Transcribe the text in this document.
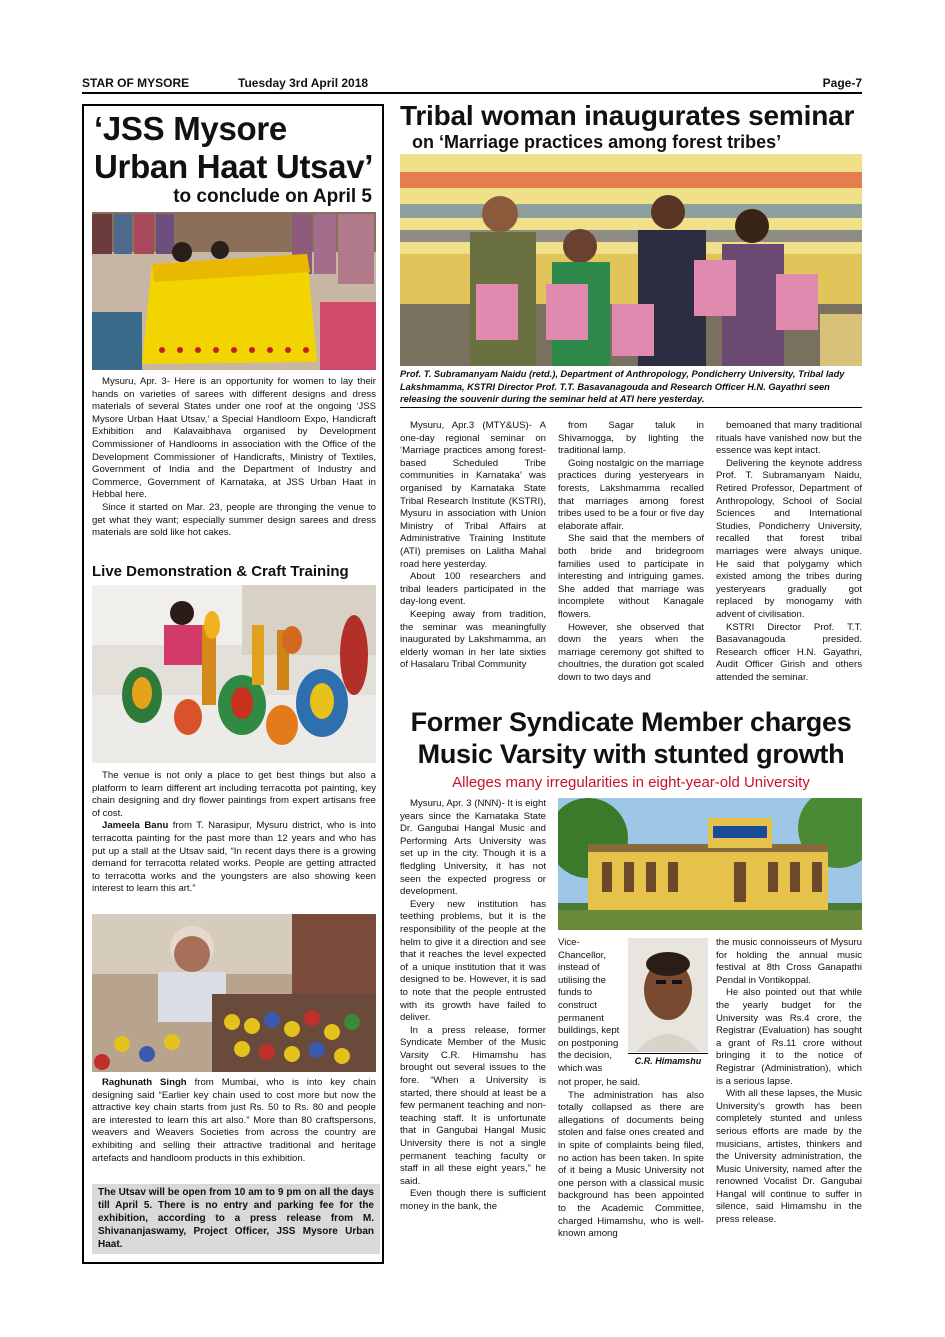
STAR OF MYSORE	Tuesday 3rd April 2018	Page-7
‘JSS Mysore
Urban Haat Utsav’
to conclude on April 5

Mysuru, Apr. 3- Here is an opportunity for women to lay their hands on varieties of sarees with different designs and dress materials of several States under one roof at the ongoing ‘JSS Mysore Urban Haat Utsav,’ a Special Handloom Expo, Handicraft Exhibition and Kalavaibhava organised by Development Commissioner of Handlooms in association with the Office of the Development Commissioner of Handicrafts, Ministry of Textiles, Government of India and the Department of Industry and Commerce, Government of Karnataka, at JSS Urban Haat in Hebbal here.

Since it started on Mar. 23, people are thronging the venue to get what they want; especially summer design sarees and dress materials are sold like hot cakes.

Live Demonstration & Craft Training

The venue is not only a place to get best things but also a platform to learn different art including terracotta pot painting, key chain designing and dry flower paintings from expert artisans free of cost.

Jameela Banu from T. Narasipur, Mysuru district, who is into terracotta painting for the past more than 12 years and who has put up a stall at the Utsav said, “In recent days there is a growing demand for terracotta related works. People are getting attracted to terracotta works and the youngsters are also showing keen interest to learn this art.”

Raghunath Singh from Mumbai, who is into key chain designing said “Earlier key chain used to cost more but now the attractive key chain starts from just Rs. 50 to Rs. 80 and people are interested to learn this art also.” More than 80 craftspersons, weavers and Weavers Societies from across the country are exhibiting and selling their attractive traditional and heritage artefacts and handloom products in this exhibition.

The Utsav will be open from 10 am to 9 pm on all the days till April 5. There is no entry and parking fee for the exhibition, according to a press release from M. Shivananjaswamy, Project Officer, JSS Mysore Urban Haat.
Tribal woman inaugurates seminar
on ‘Marriage practices among forest tribes’
Prof. T. Subramanyam Naidu (retd.), Department of Anthropology, Pondicherry University, Tribal lady Lakshmamma, KSTRI Director Prof. T.T. Basavanagouda and Research Officer H.N. Gayathri seen releasing the souvenir during the seminar held at ATI here yesterday.

Mysuru, Apr.3 (MTY&US)- A one-day regional seminar on ‘Marriage practices among forest-based Scheduled Tribe communities in Karnataka’ was organised by Karnataka State Tribal Research Institute (KSTRI), Mysuru in association with Union Ministry of Tribal Affairs at Administrative Training Institute (ATI) premises on Lalitha Mahal road here yesterday.

About 100 researchers and tribal leaders participated in the day-long event.

Keeping away from tradition, the seminar was meaningfully inaugurated by Lakshmamma, an elderly woman in her late sixties of Hasalaru Tribal Community

from Sagar taluk in Shivamogga, by lighting the traditional lamp.

Going nostalgic on the marriage practices during yesteryears in forests, Lakshmamma recalled that marriages among forest tribes used to be a four or five day elaborate affair.

She said that the members of both bride and bridegroom families used to participate in interesting and intriguing games. She added that marriage was incomplete without Kanagale flowers.

However, she observed that down the years when the marriage ceremony got shifted to choultries, the duration got scaled down to two days and

bemoaned that many traditional rituals have vanished now but the essence was kept intact.

Delivering the keynote address Prof. T. Subramanyam Naidu, Retired Professor, Department of Anthropology, School of Social Sciences and International Studies, Pondicherry University, recalled that forest tribal marriages were always unique. He said that polygamy which existed among the tribes during yesteryears gradually got replaced by monogamy with advent of civilisation.

KSTRI Director Prof. T.T. Basavanagouda presided. Research officer H.N. Gayathri, Audit Officer Girish and others attended the seminar.

Former Syndicate Member charges
Music Varsity with stunted growth
Alleges many irregularities in eight-year-old University
C.R. Himamshu

Mysuru, Apr. 3 (NNN)- It is eight years since the Karnataka State Dr. Gangubai Hangal Music and Performing Arts University was set up in the city. Though it is a fledgling University, it has not seen the expected progress or development.

Every new institution has teething problems, but it is the responsibility of the people at the helm to give it a direction and see that it reaches the level expected of a unique institution that it was designed to be. However, it is sad to note that the people entrusted with its growth have failed to deliver.

In a press release, former Syndicate Member of the Music Varsity C.R. Himamshu has brought out several issues to the fore. “When a University is started, there should at least be a few permanent teaching and non-teaching staff. It is unfortunate that in Gangubai Hangal Music University there is not a single permanent teaching faculty or staff in all these eight years,” he said.

Even though there is sufficient money in the bank, the

Vice-Chancellor, instead of utilising the funds to construct permanent buildings, kept on postponing the decision, which was

not proper, he said.

The administration has also totally collapsed as there are allegations of documents being stolen and false ones created and in spite of complaints being filed, no action has been taken. In spite of it being a Music University not one person with a classical music background has been appointed to the Academic Committee, charged Himamshu, who is well-known among

the music connoisseurs of Mysuru for holding the annual music festival at 8th Cross Ganapathi Pendal in Vontikoppal.

He also pointed out that while the yearly budget for the University was Rs.4 crore, the Registrar (Evaluation) has sought a grant of Rs.11 crore without bringing it to the notice of Registrar (Administration), which is a serious lapse.

With all these lapses, the Music University's growth has been completely stunted and unless serious efforts are made by the musicians, artistes, thinkers and the University administration, the Music University, named after the renowned Vocalist Dr. Gangubai Hangal will continue to suffer in silence, said Himamshu in the press release.
